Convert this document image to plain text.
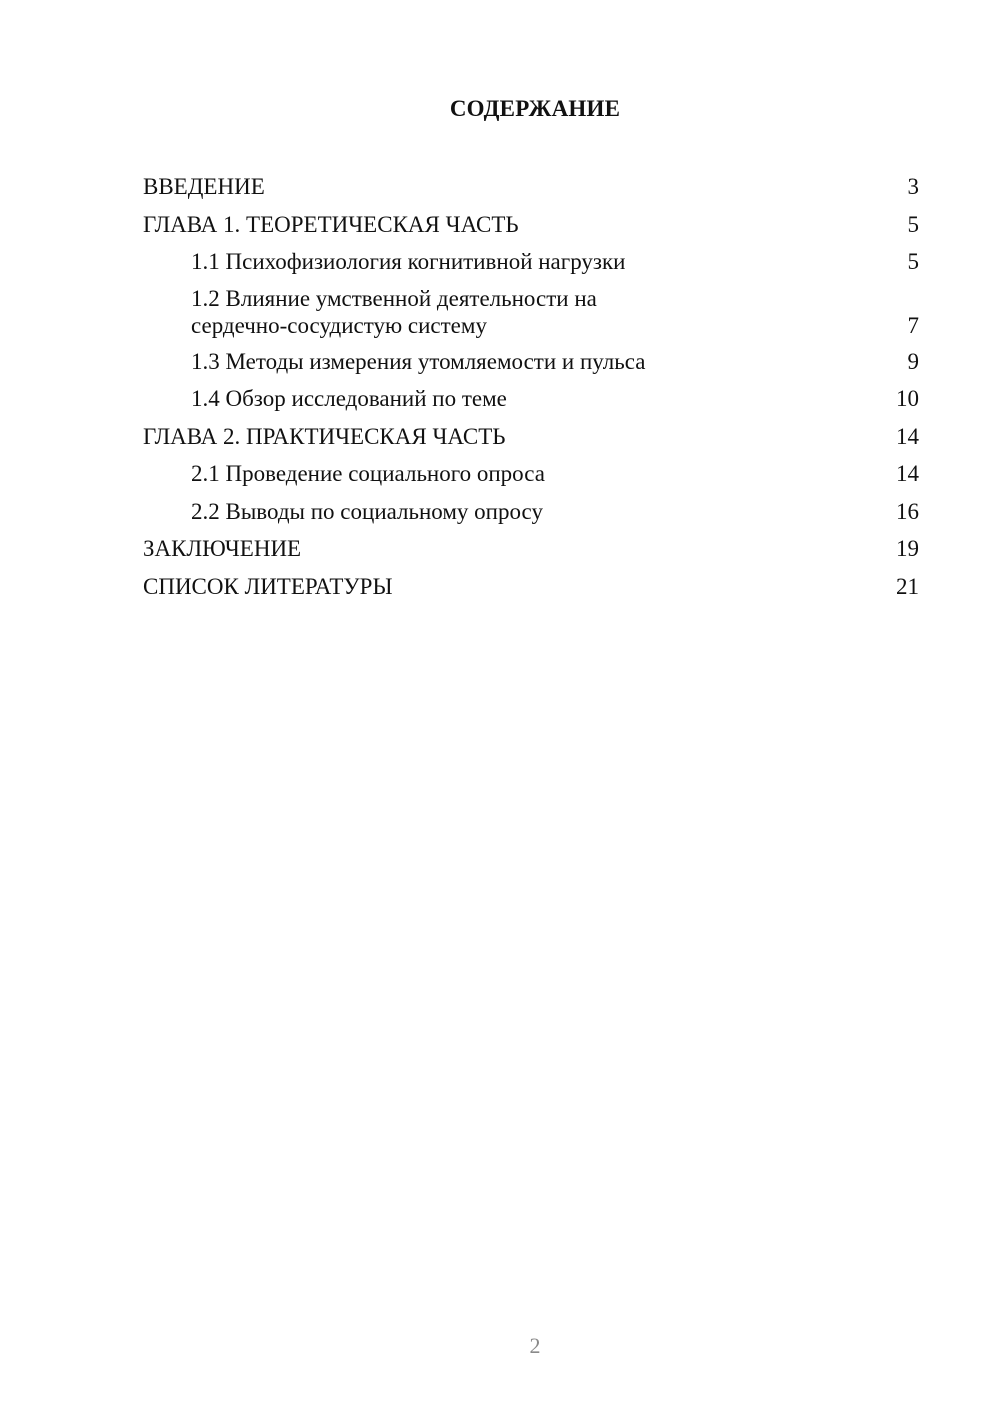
СОДЕРЖАНИЕ
ВВЕДЕНИЕ	3
ГЛАВА 1. ТЕОРЕТИЧЕСКАЯ ЧАСТЬ	5
1.1 Психофизиология когнитивной нагрузки	5
1.2 Влияние умственной деятельности на сердечно-сосудистую систему	7
1.3 Методы измерения утомляемости и пульса	9
1.4 Обзор исследований по теме	10
ГЛАВА 2. ПРАКТИЧЕСКАЯ ЧАСТЬ	14
2.1 Проведение социального опроса	14
2.2 Выводы по социальному опросу	16
ЗАКЛЮЧЕНИЕ	19
СПИСОК ЛИТЕРАТУРЫ	21
2
